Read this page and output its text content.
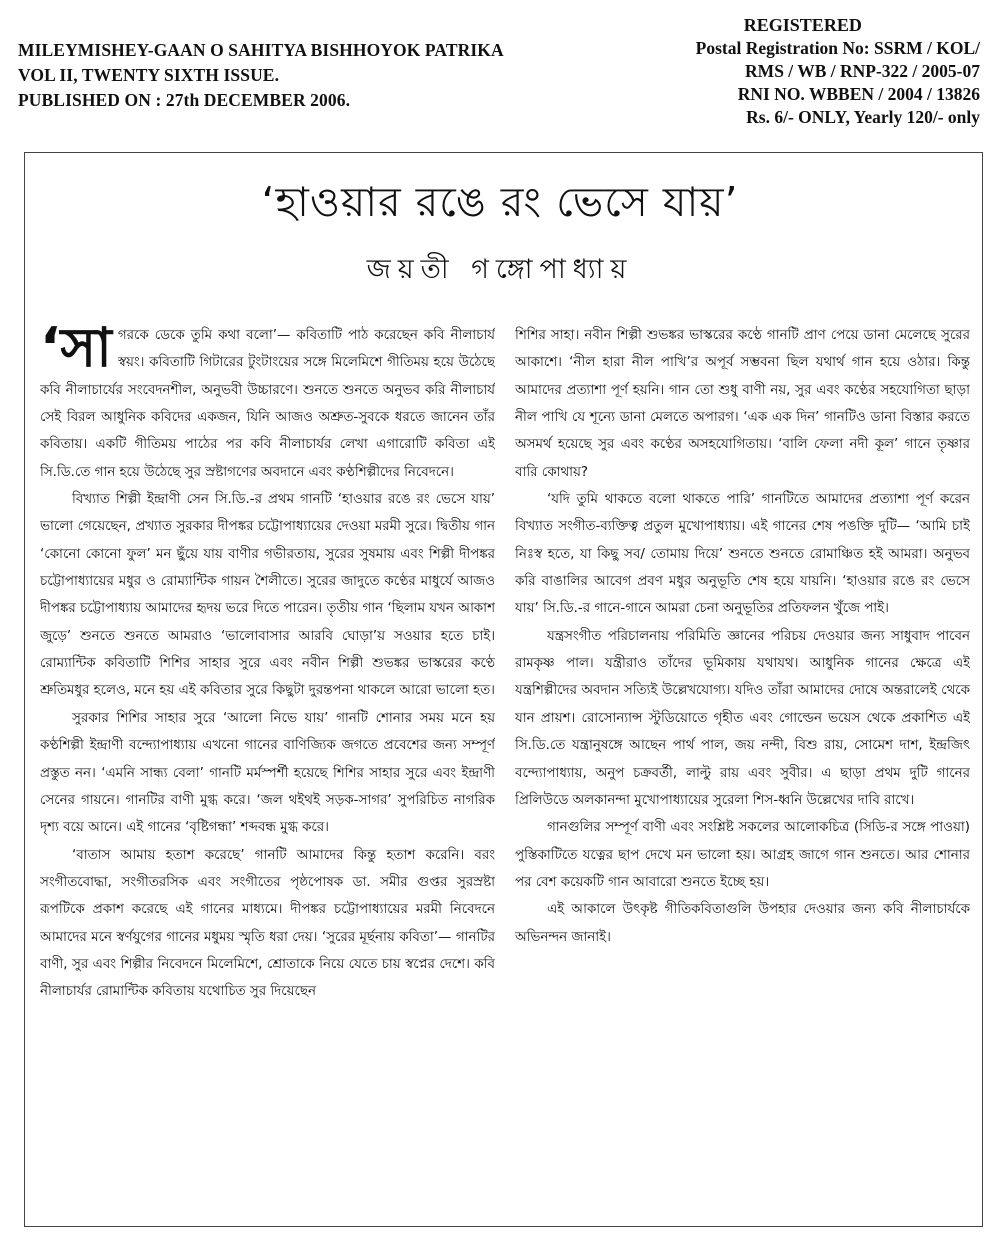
MILEYMISHEY-GAAN O SAHITYA BISHHOYOK PATRIKA
VOL II, TWENTY SIXTH ISSUE.
PUBLISHED ON : 27th DECEMBER 2006.
REGISTERED
Postal Registration No: SSRM / KOL/
RMS / WB / RNP-322 / 2005-07
RNI NO. WBBEN / 2004 / 13826
Rs. 6/- ONLY, Yearly 120/- only
‘হাওয়ার রঙে রং ভেসে যায়’
জয়তী গঙ্গোপাধ্যায়

‘সাগরকে ডেকে তুমি কথা বলো’— কবিতাটি পাঠ করেছেন কবি নীলাচার্য স্বয়ং। কবিতাটি গিটারের টুংটাংয়ের সঙ্গে মিলেমিশে গীতিময় হয়ে উঠেছে কবি নীলাচার্যের সংবেদনশীল, অনুভবী উচ্চারণে। শুনতে শুনতে অনুভব করি নীলাচার্য সেই বিরল আধুনিক কবিদের একজন, যিনি আজও অশ্রুত-সুবকে ধরতে জানেন তাঁর কবিতায়। একটি গীতিময় পাঠের পর কবি নীলাচার্যর লেখা এগারোটি কবিতা এই সি.ডি.তে গান হয়ে উঠেছে সুর স্রষ্টাগণের অবদানে এবং কণ্ঠশিল্পীদের নিবেদনে।

বিখ্যাত শিল্পী ইন্দ্রাণী সেন সি.ডি.-র প্রথম গানটি ‘হাওয়ার রঙে রং ভেসে যায়’ ভালো গেয়েছেন, প্রখ্যাত সুরকার দীপঙ্কর চট্টোপাধ্যায়ের দেওয়া মরমী সুরে। দ্বিতীয় গান ‘কোনো কোনো ফুল’ মন ছুঁয়ে যায় বাণীর গভীরতায়, সুরের সুষমায় এবং শিল্পী দীপঙ্কর চট্টোপাধ্যায়ের মধুর ও রোম্যান্টিক গায়ন শৈলীতে। সুরের জাদুতে কণ্ঠের মাধুর্যে আজও দীপঙ্কর চট্টোপাধ্যায় আমাদের হৃদয় ভরে দিতে পারেন। তৃতীয় গান ‘ছিলাম যখন আকাশ জুড়ে’ শুনতে শুনতে আমরাও ‘ভালোবাসার আরবি ঘোড়া’য় সওয়ার হতে চাই। রোম্যান্টিক কবিতাটি শিশির সাহার সুরে এবং নবীন শিল্পী শুভঙ্কর ভাস্করের কণ্ঠে শ্রুতিমধুর হলেও, মনে হয় এই কবিতার সুরে কিছুটা দুরন্তপনা থাকলে আরো ভালো হত।

সুরকার শিশির সাহার সুরে ‘আলো নিভে যায়’ গানটি শোনার সময় মনে হয় কণ্ঠশিল্পী ইন্দ্রাণী বন্দ্যোপাধ্যায় এখনো গানের বাণিজ্যিক জগতে প্রবেশের জন্য সম্পূর্ণ প্রস্তুত নন। ‘এমনি সান্ধ্য বেলা’ গানটি মর্মস্পর্শী হয়েছে শিশির সাহার সুরে এবং ইন্দ্রাণী সেনের গায়নে। গানটির বাণী মুগ্ধ করে। ‘জল থইথই সড়ক-সাগর’ সুপরিচিত নাগরিক দৃশ্য বয়ে আনে। এই গানের ‘বৃষ্টিগন্ধা’ শব্দবন্ধ মুগ্ধ করে।

‘বাতাস আমায় হতাশ করেছে’ গানটি আমাদের কিন্তু হতাশ করেনি। বরং সংগীতবোদ্ধা, সংগীতরসিক এবং সংগীতের পৃষ্ঠপোষক ডা. সমীর গুপ্তর সুরস্রষ্টা রূপটিকে প্রকাশ করেছে এই গানের মাধ্যমে। দীপঙ্কর চট্টোপাধ্যায়ের মরমী নিবেদনে আমাদের মনে স্বর্ণযুগের গানের মধুময় স্মৃতি ধরা দেয়। ‘সুরের মূর্ছনায় কবিতা’— গানটির বাণী, সুর এবং শিল্পীর নিবেদনে মিলেমিশে, শ্রোতাকে নিয়ে যেতে চায় স্বপ্নের দেশে। কবি নীলাচার্যর রোমান্টিক কবিতায় যথোচিত সুর দিয়েছেন

শিশির সাহা। নবীন শিল্পী শুভঙ্কর ভাস্করের কণ্ঠে গানটি প্রাণ পেয়ে ডানা মেলেছে সুরের আকাশে। ‘নীল হারা নীল পাখি’র অপূর্ব সম্ভবনা ছিল যথার্থ গান হয়ে ওঠার। কিন্তু আমাদের প্রত্যাশা পূর্ণ হয়নি। গান তো শুধু বাণী নয়, সুর এবং কণ্ঠের সহযোগিতা ছাড়া নীল পাখি যে শূন্যে ডানা মেলতে অপারগ। ‘এক এক দিন’ গানটিও ডানা বিস্তার করতে অসমর্থ হয়েছে সুর এবং কণ্ঠের অসহযোগিতায়। ‘বালি ফেলা নদী কূল’ গানে তৃষ্ণার বারি কোথায়?

‘যদি তুমি থাকতে বলো থাকতে পারি’ গানটিতে আমাদের প্রত্যাশা পূর্ণ করেন বিখ্যাত সংগীত-ব্যক্তিত্ব প্রতুল মুখোপাধ্যায়। এই গানের শেষ পঙক্তি দুটি— ‘আমি চাই নিঃস্ব হতে, যা কিছু সব/ তোমায় দিয়ে’ শুনতে শুনতে রোমাঞ্চিত হই আমরা। অনুভব করি বাঙালির আবেগ প্রবণ মধুর অনুভূতি শেষ হয়ে যায়নি। ‘হাওয়ার রঙে রং ভেসে যায়’ সি.ডি.-র গানে-গানে আমরা চেনা অনুভূতির প্রতিফলন খুঁজে পাই।

যন্ত্রসংগীত পরিচালনায় পরিমিতি জ্ঞানের পরিচয় দেওয়ার জন্য সাধুবাদ পাবেন রামকৃষ্ণ পাল। যন্ত্রীরাও তাঁদের ভূমিকায় যথাযথ। আধুনিক গানের ক্ষেত্রে এই যন্ত্রশিল্পীদের অবদান সত্যিই উল্লেখযোগ্য। যদিও তাঁরা আমাদের দোষে অন্তরালেই থেকে যান প্রায়শ। রোসোন্যান্স স্টুডিয়োতে গৃহীত এবং গোল্ডেন ভয়েস থেকে প্রকাশিত এই সি.ডি.তে যন্ত্রানুষঙ্গে আছেন পার্থ পাল, জয় নন্দী, বিশু রায়, সোমেশ দাশ, ইন্দ্রজিৎ বন্দ্যোপাধ্যায়, অনুপ চক্রবর্তী, লাল্টু রায় এবং সুবীর। এ ছাড়া প্রথম দুটি গানের প্রিলিউডে অলকানন্দা মুখোপাধ্যায়ের সুরেলা শিস-ধ্বনি উল্লেখের দাবি রাখে।

গানগুলির সম্পূর্ণ বাণী এবং সংশ্লিষ্ট সকলের আলোকচিত্র (সিডি-র সঙ্গে পাওয়া) পুস্তিকাটিতে যত্নের ছাপ দেখে মন ভালো হয়। আগ্রহ জাগে গান শুনতে। আর শোনার পর বেশ কয়েকটি গান আবারো শুনতে ইচ্ছে হয়।

এই আকালে উৎকৃষ্ট গীতিকবিতাগুলি উপহার দেওয়ার জন্য কবি নীলাচার্যকে অভিনন্দন জানাই।
